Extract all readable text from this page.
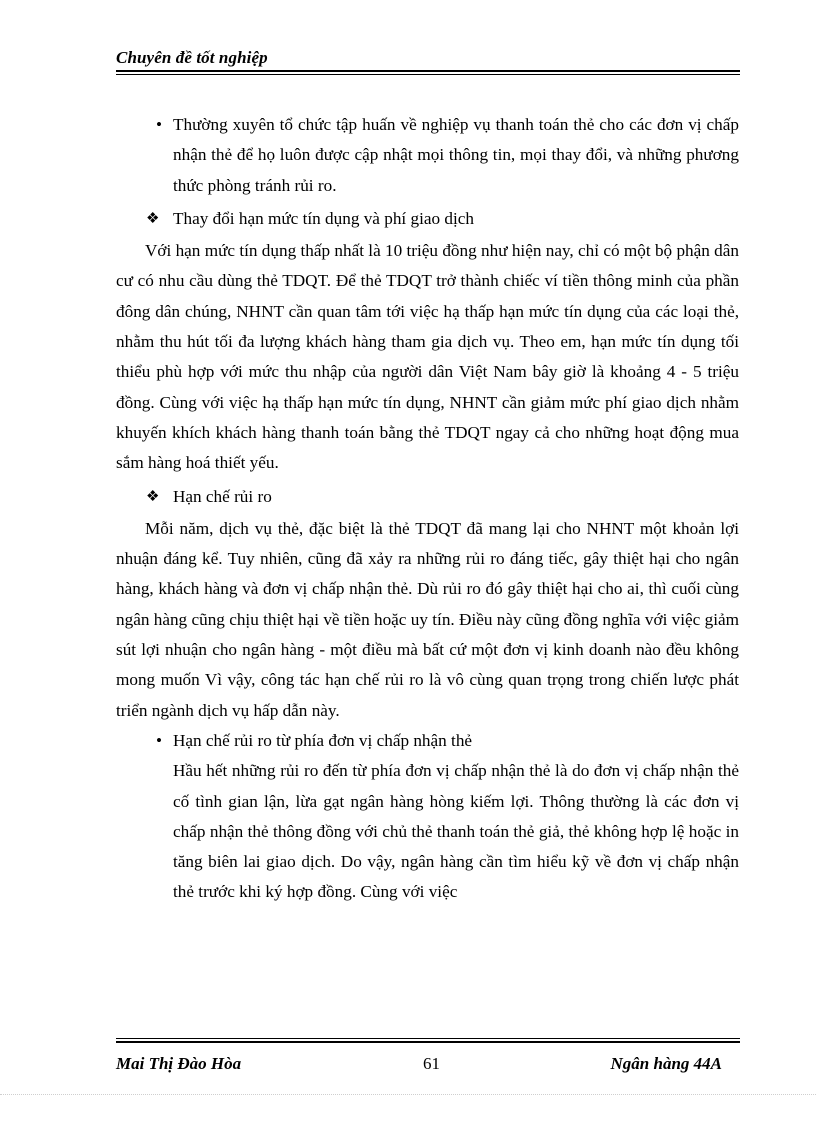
Chuyên đề tốt nghiệp
• Thường xuyên tổ chức tập huấn về nghiệp vụ thanh toán thẻ cho các đơn vị chấp nhận thẻ để họ luôn được cập nhật mọi thông tin, mọi thay đổi, và những phương thức phòng tránh rủi ro.
❖ Thay đổi hạn mức tín dụng và phí giao dịch

Với hạn mức tín dụng thấp nhất là 10 triệu đồng như hiện nay, chỉ có một bộ phận dân cư có nhu cầu dùng thẻ TDQT. Để thẻ TDQT trở thành chiếc ví tiền thông minh của phần đông dân chúng, NHNT cần quan tâm tới việc hạ thấp hạn mức tín dụng của các loại thẻ, nhằm thu hút tối đa lượng khách hàng tham gia dịch vụ. Theo em, hạn mức tín dụng tối thiểu phù hợp với mức thu nhập của người dân Việt Nam bây giờ là khoảng 4 - 5 triệu đồng. Cùng với việc hạ thấp hạn mức tín dụng, NHNT cần giảm mức phí giao dịch nhằm khuyến khích khách hàng thanh toán bằng thẻ TDQT ngay cả cho những hoạt động mua sắm hàng hoá thiết yếu.

❖ Hạn chế rủi ro

Mỗi năm, dịch vụ thẻ, đặc biệt là thẻ TDQT đã mang lại cho NHNT một khoản lợi nhuận đáng kể. Tuy nhiên, cũng đã xảy ra những rủi ro đáng tiếc, gây thiệt hại cho ngân hàng, khách hàng và đơn vị chấp nhận thẻ. Dù rủi ro đó gây thiệt hại cho ai, thì cuối cùng ngân hàng cũng chịu thiệt hại về tiền hoặc uy tín. Điều này cũng đồng nghĩa với việc giảm sút lợi nhuận cho ngân hàng - một điều mà bất cứ một đơn vị kinh doanh nào đều không mong muốn Vì vậy, công tác hạn chế rủi ro là vô cùng quan trọng trong chiến lược phát triển ngành dịch vụ hấp dẫn này.

• Hạn chế rủi ro từ phía đơn vị chấp nhận thẻ

Hầu hết những rủi ro đến từ phía đơn vị chấp nhận thẻ là do đơn vị chấp nhận thẻ cố tình gian lận, lừa gạt ngân hàng hòng kiếm lợi. Thông thường là các đơn vị chấp nhận thẻ thông đồng với chủ thẻ thanh toán thẻ giả, thẻ không hợp lệ hoặc in tăng biên lai giao dịch. Do vậy, ngân hàng cần tìm hiểu kỹ về đơn vị chấp nhận thẻ trước khi ký hợp đồng. Cùng với việc

Mai Thị Đào Hòa	61	Ngân hàng 44A
